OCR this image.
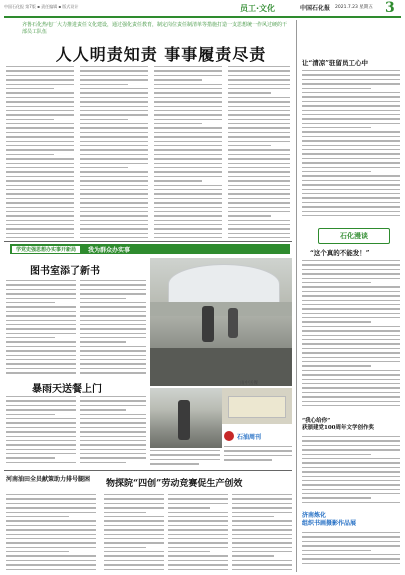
中国石化报 第7版 ▪ 责任编辑 ▪ 版式设计	员工·文化	中国石化报 2021.7.23 星期五 3
齐鲁石化热电厂大力推进责任文化建设，通过强化责任教育，制定岗位责任制清单等措施打造一支思想统一作风过硬的干部员工队伍
人人明责知责 事事履责尽责
学党史强思想办实事开新局	我为群众办实事
图书室添了新书
暴雨天送餐上门
雨中送餐
石油周刊
河南油田全员献策助力排号腿困	物探院“四创”劳动竞赛促生产创效
让“清凉”驻留员工心中
石化漫谈
“这个真的不能发！”
“我心给你”
获颁建党100周年文学创作奖
济南炼化
组织书画摄影作品展
